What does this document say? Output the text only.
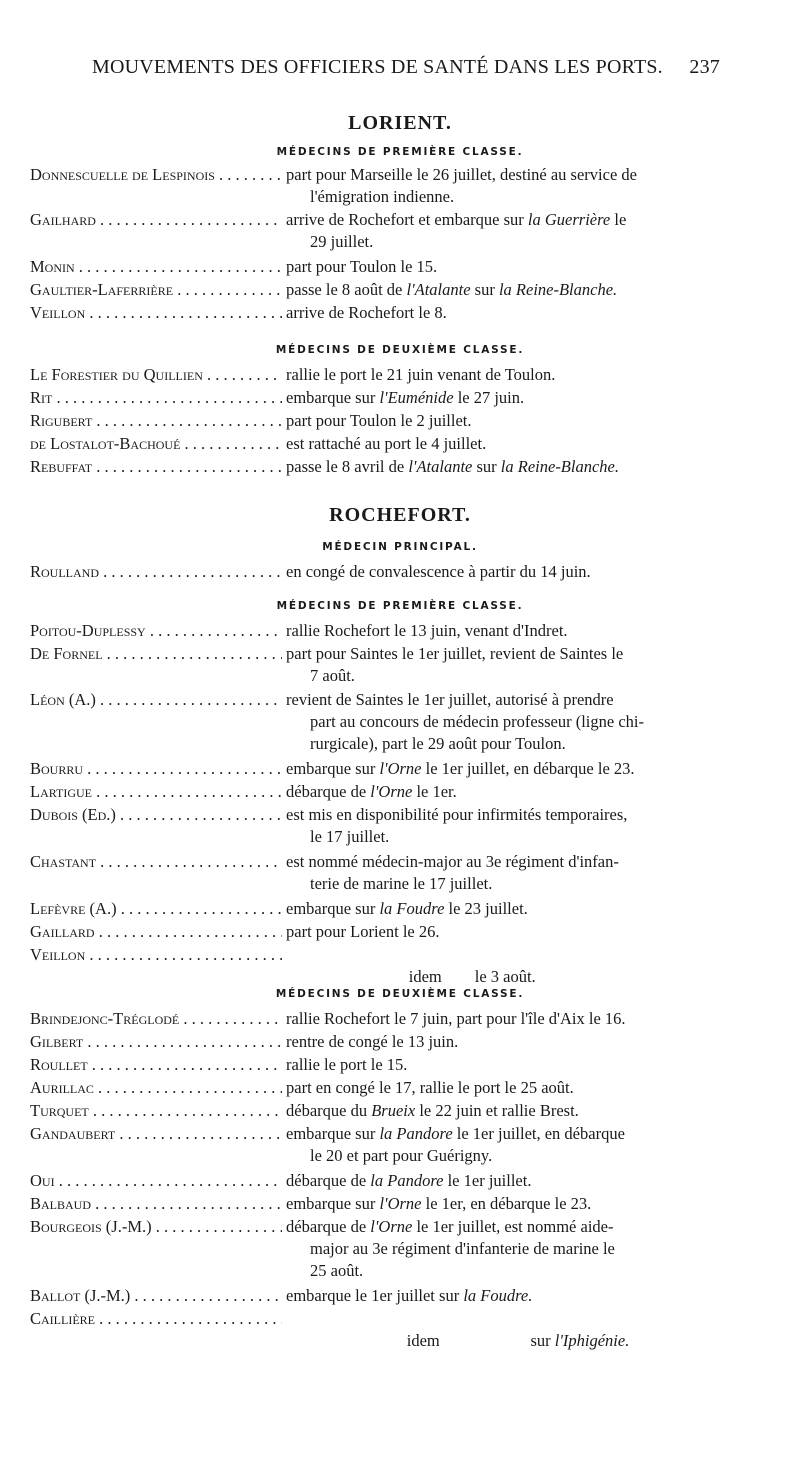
MOUVEMENTS DES OFFICIERS DE SANTÉ DANS LES PORTS. 237
LORIENT.
MÉDECINS DE PREMIÈRE CLASSE.
Donnescuelle de Lespinois . . .	part pour Marseille le 26 juillet, destiné au service de
l'émigration indienne.
Gailhard . . .	arrive de Rochefort et embarque sur la Guerrière le
29 juillet.
Monin . . .	part pour Toulon le 15.
Gaultier-Laferrière . . .	passe le 8 août de l'Atalante sur la Reine-Blanche.
Veillon . . .	arrive de Rochefort le 8.
MÉDECINS DE DEUXIÈME CLASSE.
Le Forestier du Quillien . . .	rallie le port le 21 juin venant de Toulon.
Rit . . .	embarque sur l'Euménide le 27 juin.
Rigubert . . .	part pour Toulon le 2 juillet.
de Lostalot-Bachoué . . .	est rattaché au port le 4 juillet.
Rebuffat . . .	passe le 8 avril de l'Atalante sur la Reine-Blanche.
ROCHEFORT.
MÉDECIN PRINCIPAL.
Roulland . . .	en congé de convalescence à partir du 14 juin.
MÉDECINS DE PREMIÈRE CLASSE.
Poitou-Duplessy . . .	rallie Rochefort le 13 juin, venant d'Indret.
De Fornel . . .	part pour Saintes le 1er juillet, revient de Saintes le
7 août.
Léon (A.) . . .	revient de Saintes le 1er juillet, autorisé à prendre
part au concours de médecin professeur (ligne chi-
rurgicale), part le 29 août pour Toulon.
Bourru . . .	embarque sur l'Orne le 1er juillet, en débarque le 23.
Lartigue . . .	débarque de l'Orne le 1er.
Dubois (Ed.) . . .	est mis en disponibilité pour infirmités temporaires,
le 17 juillet.
Chastant . . .	est nommé médecin-major au 3e régiment d'infan-
terie de marine le 17 juillet.
Lefèvre (A.) . . .	embarque sur la Foudre le 23 juillet.
Gaillard . . .	part pour Lorient le 26.
Veillon . . .

idem        le 3 août.

MÉDECINS DE DEUXIÈME CLASSE.
Brindejonc-Tréglodé . . .	rallie Rochefort le 7 juin, part pour l'île d'Aix le 16.
Gilbert . . .	rentre de congé le 13 juin.
Roullet . . .	rallie le port le 15.
Aurillac . . .	part en congé le 17, rallie le port le 25 août.
Turquet . . .	débarque du Brueix le 22 juin et rallie Brest.
Gandaubert . . .	embarque sur la Pandore le 1er juillet, en débarque
le 20 et part pour Guérigny.
Oui . . .	débarque de la Pandore le 1er juillet.
Balbaud . . .	embarque sur l'Orne le 1er, en débarque le 23.
Bourgeois (J.-M.) . . .	débarque de l'Orne le 1er juillet, est nommé aide-
major au 3e régiment d'infanterie de marine le
25 août.
Ballot (J.-M.) . . .	embarque le 1er juillet sur la Foudre.
Caillière . . .

idem                      sur l'Iphigénie.
